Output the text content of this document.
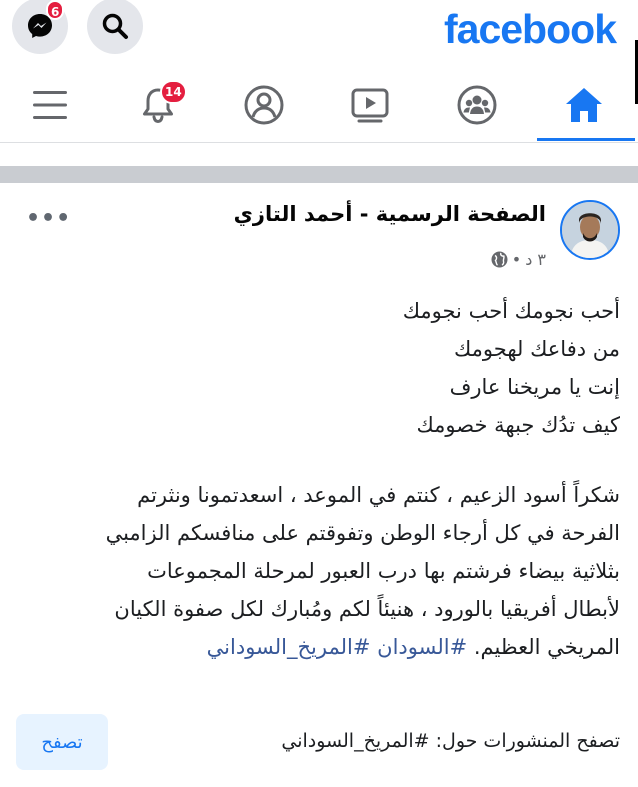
6	facebook
14
الصفحة الرسمية - أحمد التازي
٣ د
•
•••
أحب نجومك أحب نجومك
من دفاعك لهجومك
إنت يا مريخنا عارف
كيف تدُك جبهة خصومك
شكراً أسود الزعيم ، كنتم في الموعد ، اسعدتمونا ونثرتم
الفرحة في كل أرجاء الوطن وتفوقتم على منافسكم الزامبي
بثلاثية بيضاء فرشتم بها درب العبور لمرحلة المجموعات
لأبطال أفريقيا بالورود ، هنيئاً لكم ومُبارك لكل صفوة الكيان
المريخي العظيم. #السودان #المريخ_السوداني
تصفح المنشورات حول: #المريخ_السوداني
تصفح
